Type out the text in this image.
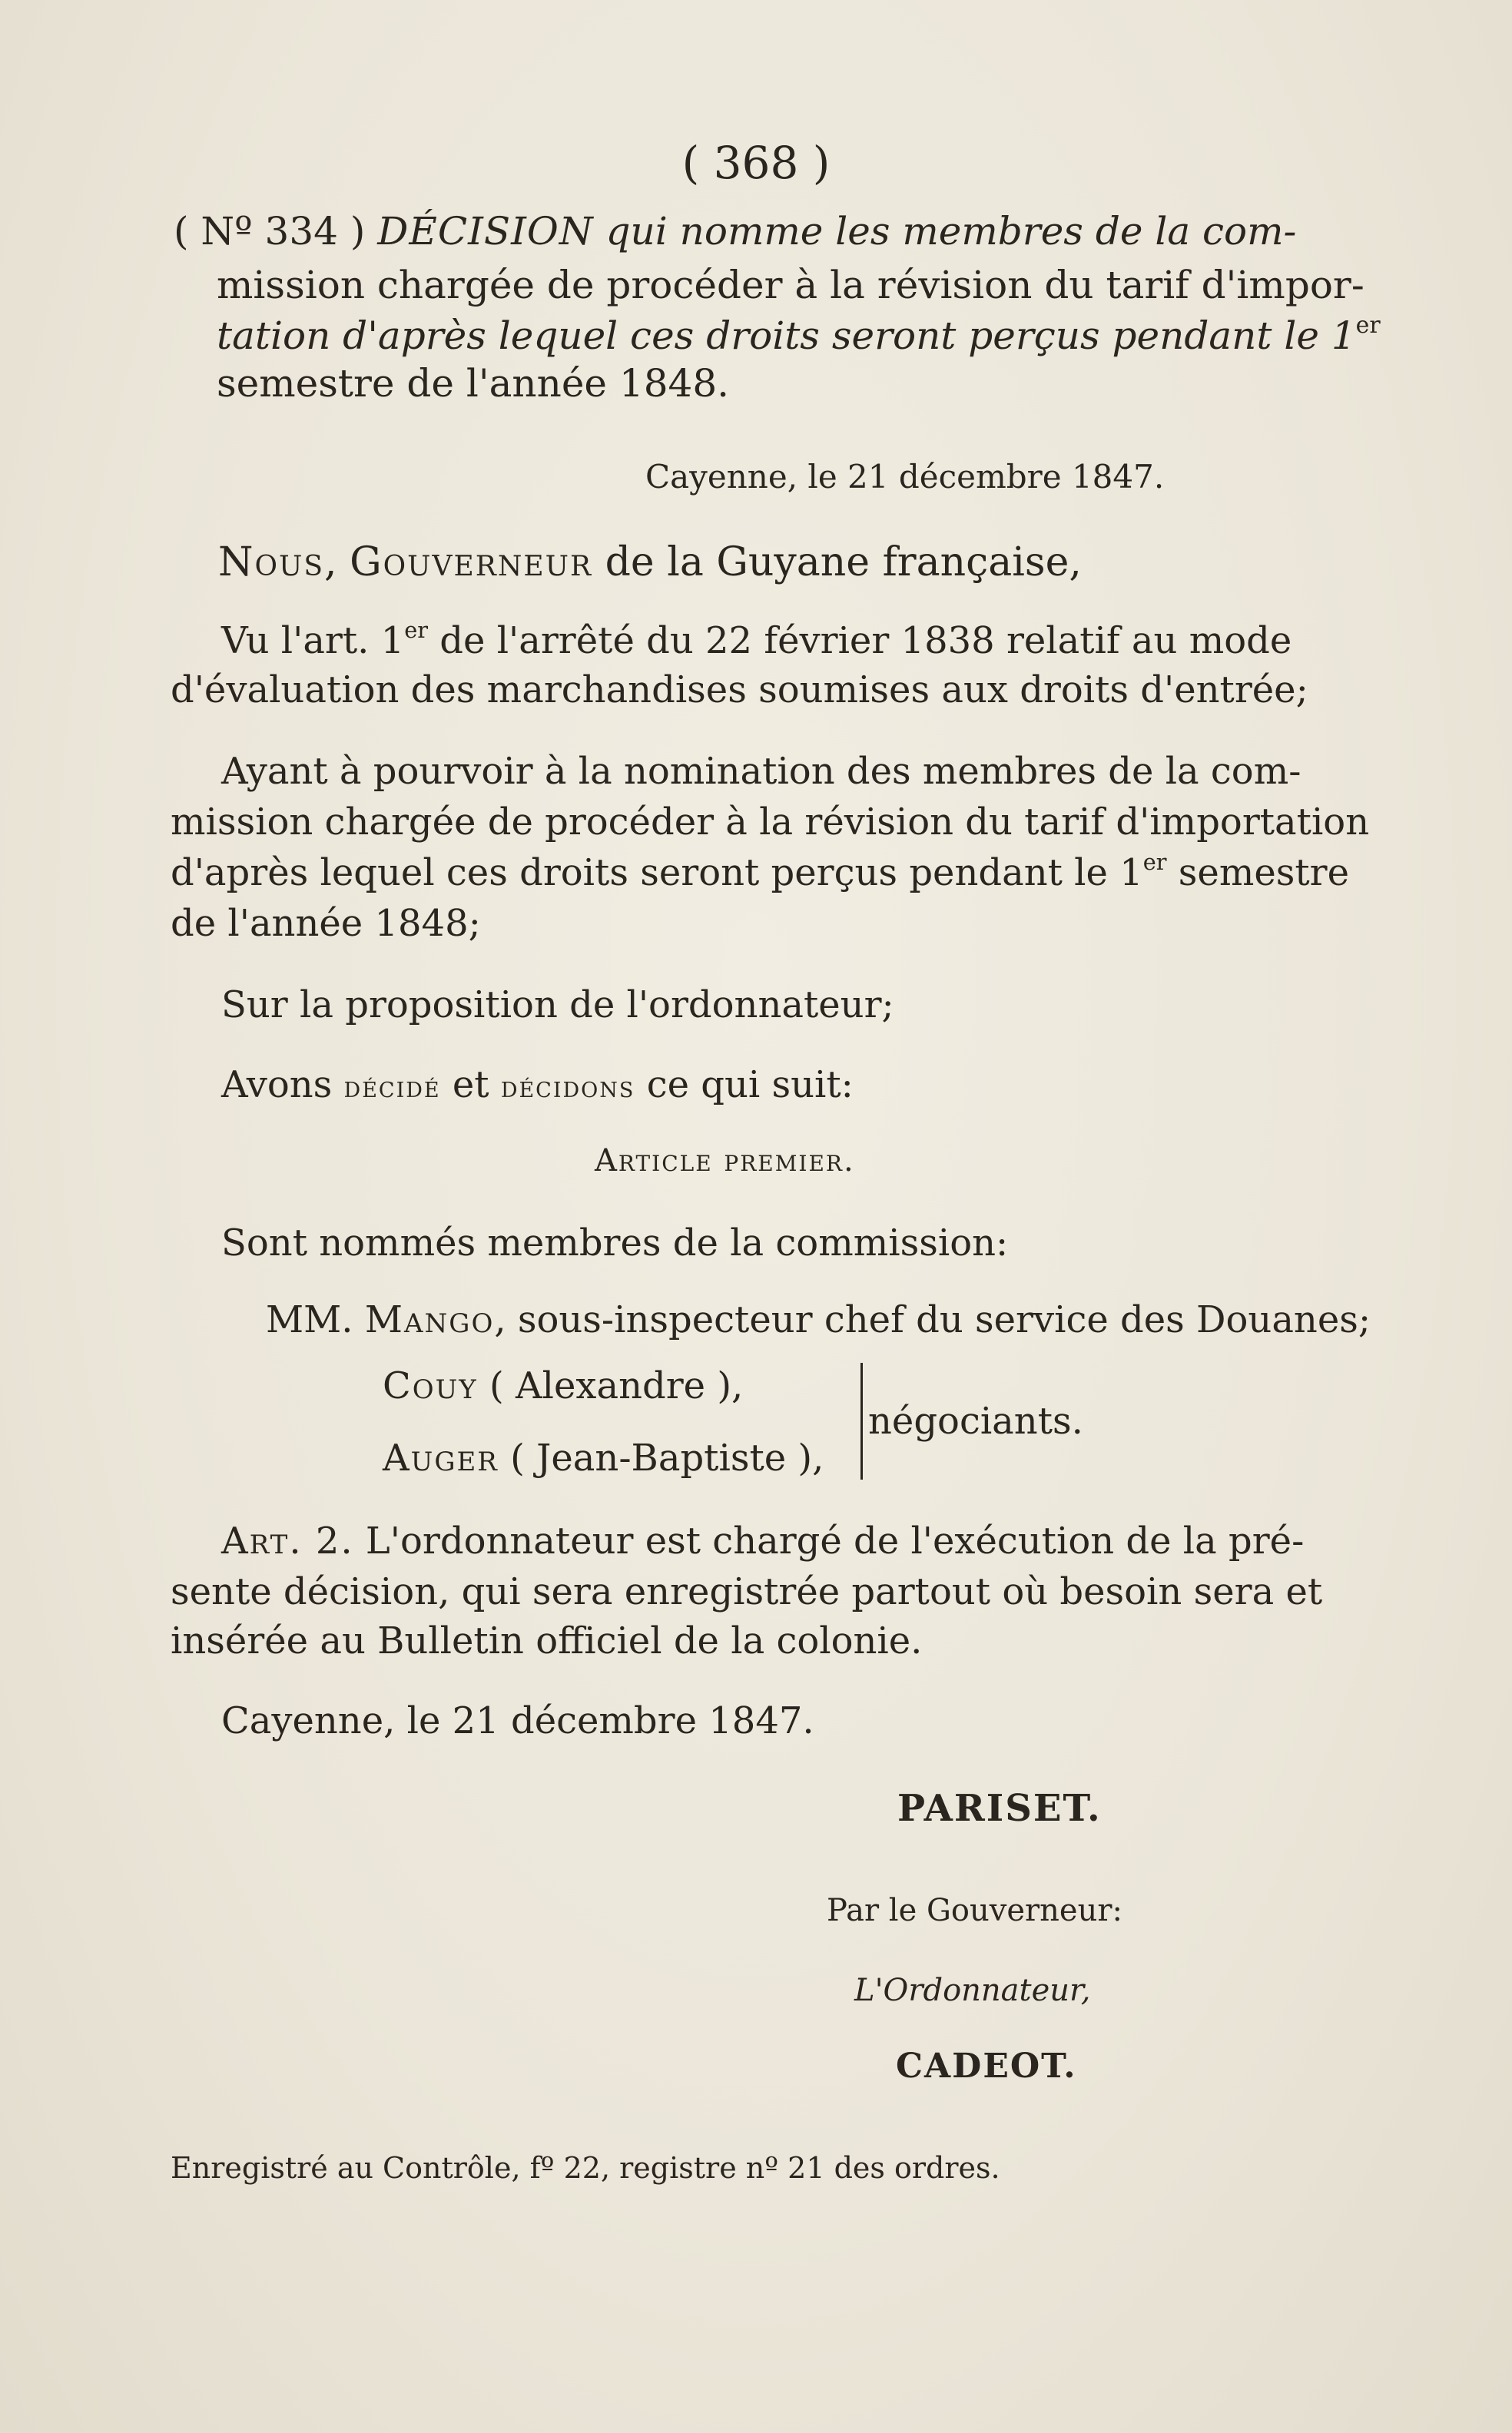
( 368 )
( Nº 334 ) DÉCISION qui nomme les membres de la com-
mission chargée de procéder à la révision du tarif d'impor-
tation d'après lequel ces droits seront perçus pendant le 1er
semestre de l'année 1848.
Cayenne, le 21 décembre 1847.
Nous, Gouverneur de la Guyane française,
Vu l'art. 1er de l'arrêté du 22 février 1838 relatif au mode
d'évaluation des marchandises soumises aux droits d'entrée;
Ayant à pourvoir à la nomination des membres de la com-
mission chargée de procéder à la révision du tarif d'importation
d'après lequel ces droits seront perçus pendant le 1er semestre
de l'année 1848;
Sur la proposition de l'ordonnateur;
Avons décidé et décidons ce qui suit:
Article premier.
Sont nommés membres de la commission:
MM. Mango, sous-inspecteur chef du service des Douanes;
Couy ( Alexandre ),
Auger ( Jean-Baptiste ),
négociants.
Art. 2. L'ordonnateur est chargé de l'exécution de la pré-
sente décision, qui sera enregistrée partout où besoin sera et
insérée au Bulletin officiel de la colonie.
Cayenne, le 21 décembre 1847.
PARISET.
Par le Gouverneur:
L'Ordonnateur,
CADEOT.
Enregistré au Contrôle, fº 22, registre nº 21 des ordres.
